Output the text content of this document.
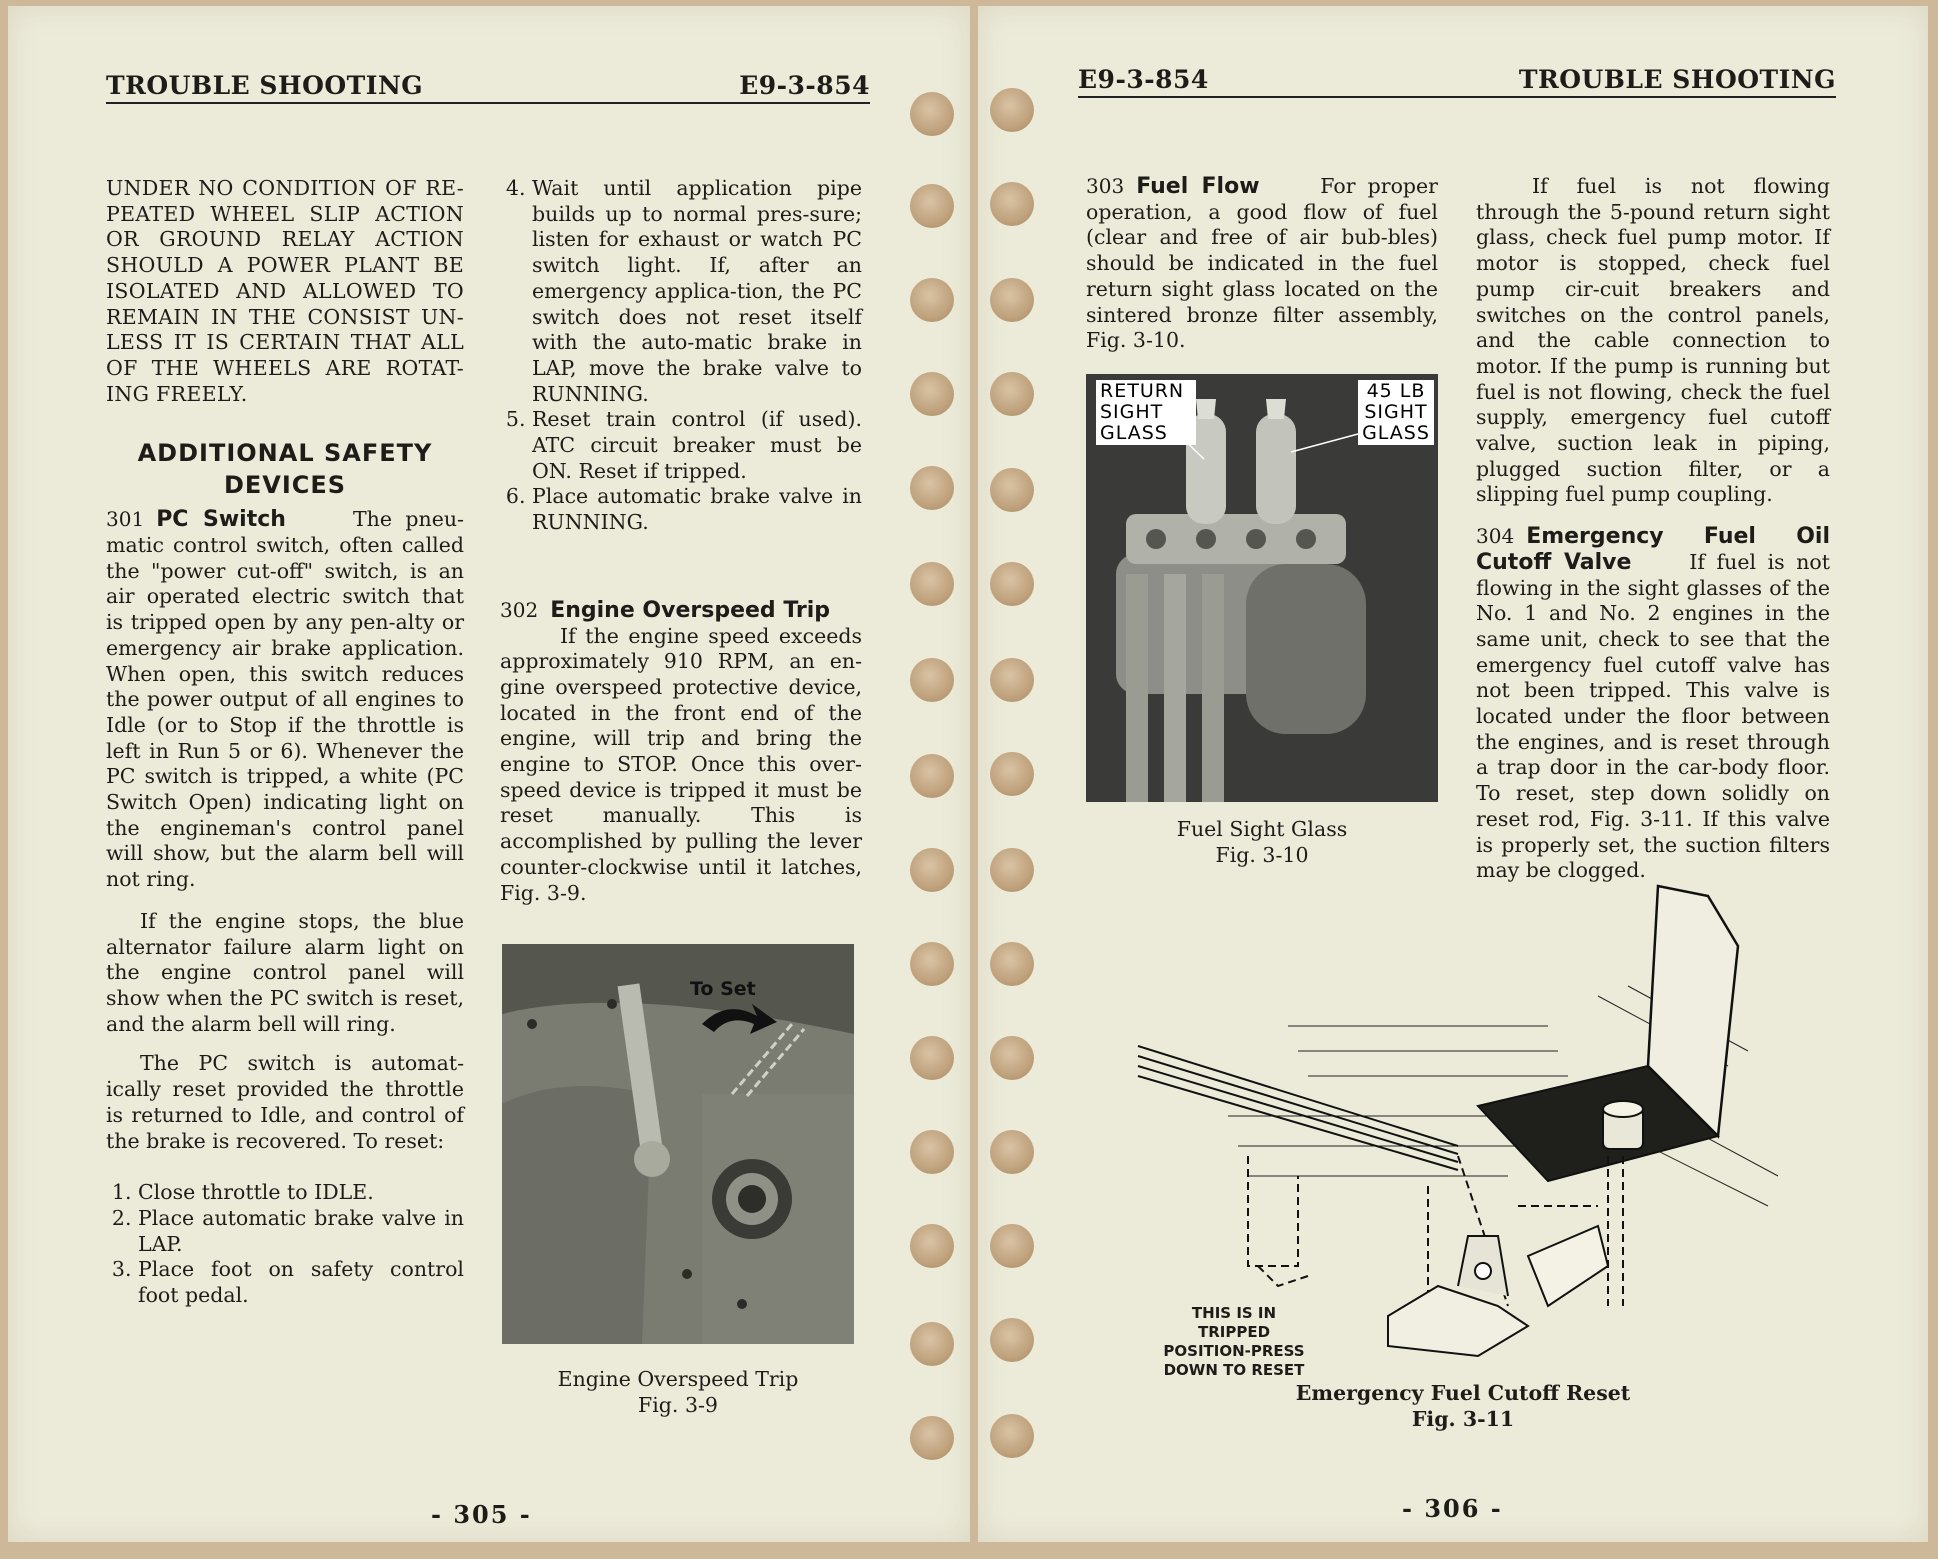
TROUBLE SHOOTING	E9-3-854

UNDER NO CONDITION OF RE-PEATED WHEEL SLIP ACTION OR GROUND RELAY ACTION SHOULD A POWER PLANT BE ISOLATED AND ALLOWED TO REMAIN IN THE CONSIST UN-LESS IT IS CERTAIN THAT ALL OF THE WHEELS ARE ROTAT-ING FREELY.

ADDITIONAL SAFETY
DEVICES

301 PC Switch	The pneu-matic control switch, often called the "power cut-off" switch, is an air operated electric switch that is tripped open by any pen-alty or emergency air brake application. When open, this switch reduces the power output of all engines to Idle (or to Stop if the throttle is left in Run 5 or 6). Whenever the PC switch is tripped, a white (PC Switch Open) indicating light on the engineman's control panel will show, but the alarm bell will not ring.

If the engine stops, the blue alternator failure alarm light on the engine control panel will show when the PC switch is reset, and the alarm bell will ring.

The PC switch is automat-ically reset provided the throttle is returned to Idle, and control of the brake is recovered. To reset:

1. Close throttle to IDLE.
2. Place automatic brake valve in LAP.
3. Place foot on safety control foot pedal.
4. Wait until application pipe builds up to normal pres-sure; listen for exhaust or watch PC switch light. If, after an emergency applica-tion, the PC switch does not reset itself with the auto-matic brake in LAP, move the brake valve to RUNNING.
5. Reset train control (if used). ATC circuit breaker must be ON. Reset if tripped.
6. Place automatic brake valve in RUNNING.

302 Engine Overspeed Trip

If the engine speed exceeds approximately 910 RPM, an en-gine overspeed protective device, located in the front end of the engine, will trip and bring the engine to STOP. Once this over-speed device is tripped it must be reset manually. This is accomplished by pulling the lever counter-clockwise until it latches, Fig. 3-9.

To Set
Engine Overspeed Trip
Fig. 3-9
- 305 -
E9-3-854	TROUBLE SHOOTING

303 Fuel Flow	For proper operation, a good flow of fuel (clear and free of air bub-bles) should be indicated in the fuel return sight glass located on the sintered bronze filter assembly, Fig. 3-10.

RETURN SIGHT GLASS
45 LB SIGHT GLASS
Fuel Sight Glass
Fig. 3-10

If fuel is not flowing through the 5-pound return sight glass, check fuel pump motor. If motor is stopped, check fuel pump cir-cuit breakers and switches on the control panels, and the cable connection to motor. If the pump is running but fuel is not flowing, check the fuel supply, emergency fuel cutoff valve, suction leak in piping, plugged suction filter, or a slipping fuel pump coupling.

304 Emergency Fuel Oil Cutoff Valve	If fuel is not flowing in the sight glasses of the No. 1 and No. 2 engines in the same unit, check to see that the emergency fuel cutoff valve has not been tripped. This valve is located under the floor between the engines, and is reset through a trap door in the car-body floor. To reset, step down solidly on reset rod, Fig. 3-11. If this valve is properly set, the suction filters may be clogged.

THIS IS IN TRIPPED POSITION-PRESS DOWN TO RESET
Emergency Fuel Cutoff Reset
Fig. 3-11
- 306 -
